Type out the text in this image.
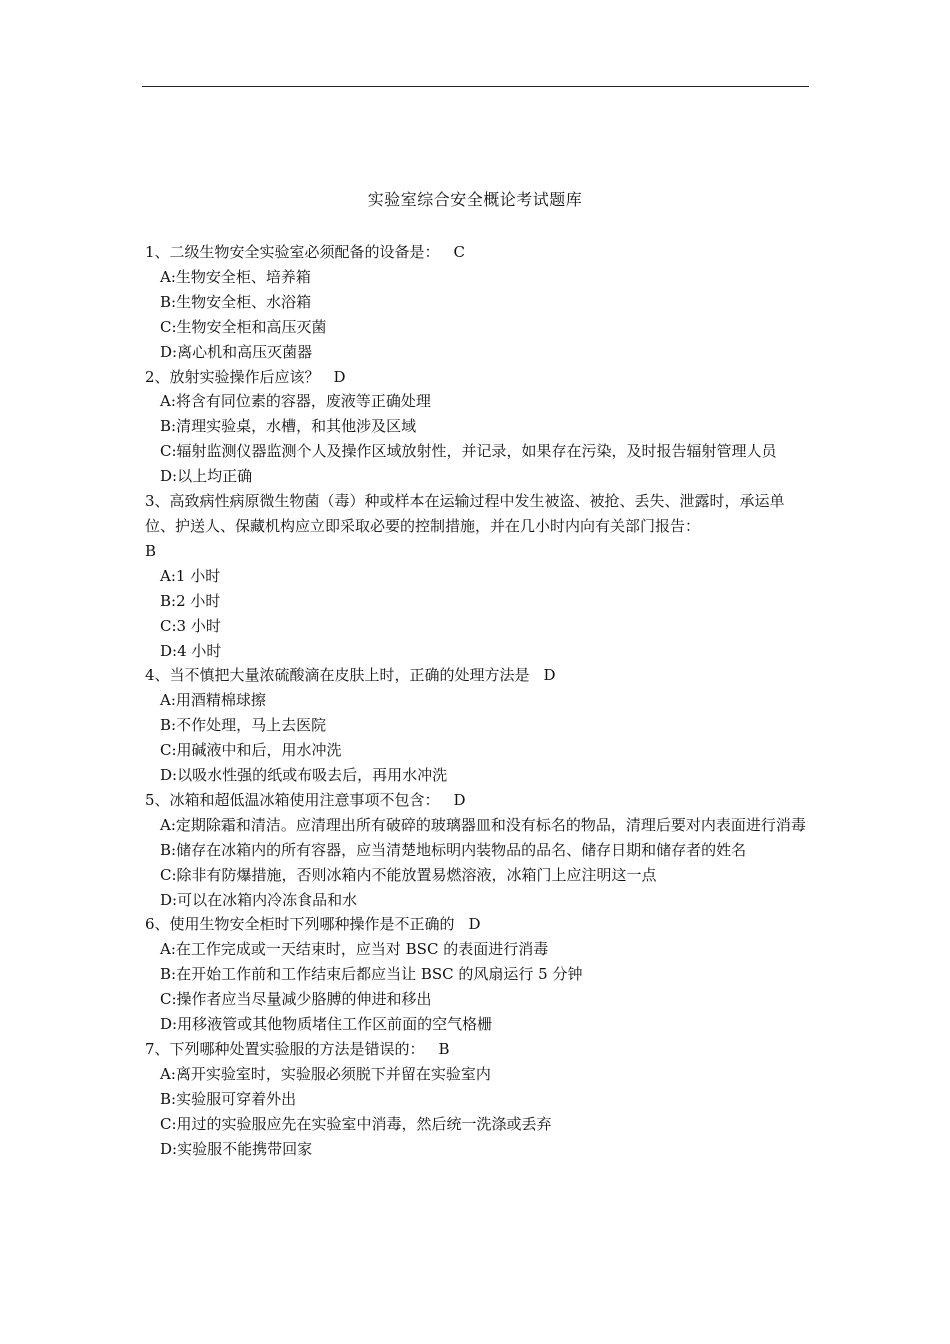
实验室综合安全概论考试题库

1、二级生物安全实验室必须配备的设备是： C

A:生物安全柜、培养箱

B:生物安全柜、水浴箱

C:生物安全柜和高压灭菌

D:离心机和高压灭菌器

2、放射实验操作后应该？ D

A:将含有同位素的容器，废液等正确处理

B:清理实验桌，水槽，和其他涉及区域

C:辐射监测仪器监测个人及操作区域放射性，并记录，如果存在污染，及时报告辐射管理人员

D:以上均正确

3、高致病性病原微生物菌（毒）种或样本在运输过程中发生被盗、被抢、丢失、泄露时，承运单位、护送人、保藏机构应立即采取必要的控制措施，并在几小时内向有关部门报告：
B

A:1 小时

B:2 小时

C:3 小时

D:4 小时

4、当不慎把大量浓硫酸滴在皮肤上时，正确的处理方法是 D

A:用酒精棉球擦

B:不作处理，马上去医院

C:用碱液中和后，用水冲洗

D:以吸水性强的纸或布吸去后，再用水冲洗

5、冰箱和超低温冰箱使用注意事项不包含： D

A:定期除霜和清洁。应清理出所有破碎的玻璃器皿和没有标名的物品，清理后要对内表面进行消毒

B:储存在冰箱内的所有容器，应当清楚地标明内装物品的品名、储存日期和储存者的姓名

C:除非有防爆措施，否则冰箱内不能放置易燃溶液，冰箱门上应注明这一点

D:可以在冰箱内冷冻食品和水

6、使用生物安全柜时下列哪种操作是不正确的 D

A:在工作完成或一天结束时，应当对 BSC 的表面进行消毒

B:在开始工作前和工作结束后都应当让 BSC 的风扇运行 5 分钟

C:操作者应当尽量减少胳膊的伸进和移出

D:用移液管或其他物质堵住工作区前面的空气格栅

7、下列哪种处置实验服的方法是错误的： B

A:离开实验室时，实验服必须脱下并留在实验室内

B:实验服可穿着外出

C:用过的实验服应先在实验室中消毒，然后统一洗涤或丢弃

D:实验服不能携带回家
